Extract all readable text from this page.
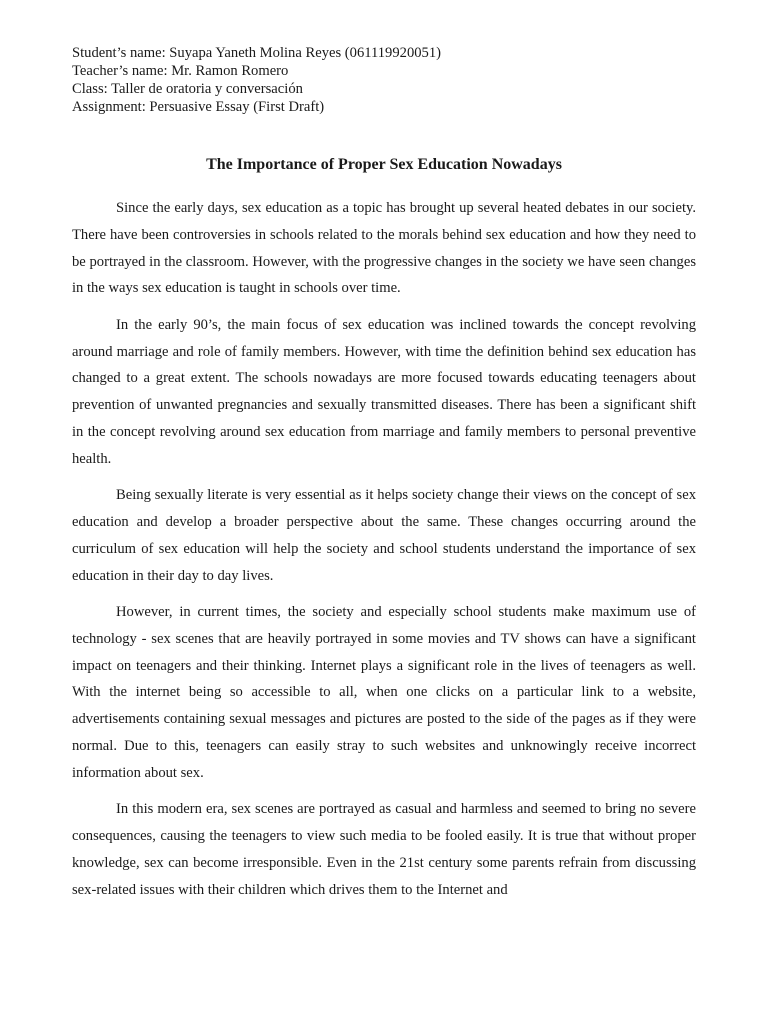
Student’s name: Suyapa Yaneth Molina Reyes (061119920051)
Teacher’s name: Mr. Ramon Romero
Class: Taller de oratoria y conversación
Assignment: Persuasive Essay (First Draft)
The Importance of Proper Sex Education Nowadays

Since the early days, sex education as a topic has brought up several heated debates in our society. There have been controversies in schools related to the morals behind sex education and how they need to be portrayed in the classroom. However, with the progressive changes in the society we have seen changes in the ways sex education is taught in schools over time.

In the early 90’s, the main focus of sex education was inclined towards the concept revolving around marriage and role of family members. However, with time the definition behind sex education has changed to a great extent. The schools nowadays are more focused towards educating teenagers about prevention of unwanted pregnancies and sexually transmitted diseases. There has been a significant shift in the concept revolving around sex education from marriage and family members to personal preventive health.

Being sexually literate is very essential as it helps society change their views on the concept of sex education and develop a broader perspective about the same. These changes occurring around the curriculum of sex education will help the society and school students understand the importance of sex education in their day to day lives.

However, in current times, the society and especially school students make maximum use of technology - sex scenes that are heavily portrayed in some movies and TV shows can have a significant impact on teenagers and their thinking. Internet plays a significant role in the lives of teenagers as well. With the internet being so accessible to all, when one clicks on a particular link to a website, advertisements containing sexual messages and pictures are posted to the side of the pages as if they were normal. Due to this, teenagers can easily stray to such websites and unknowingly receive incorrect information about sex.

In this modern era, sex scenes are portrayed as casual and harmless and seemed to bring no severe consequences, causing the teenagers to view such media to be fooled easily. It is true that without proper knowledge, sex can become irresponsible. Even in the 21st century some parents refrain from discussing sex-related issues with their children which drives them to the Internet and
